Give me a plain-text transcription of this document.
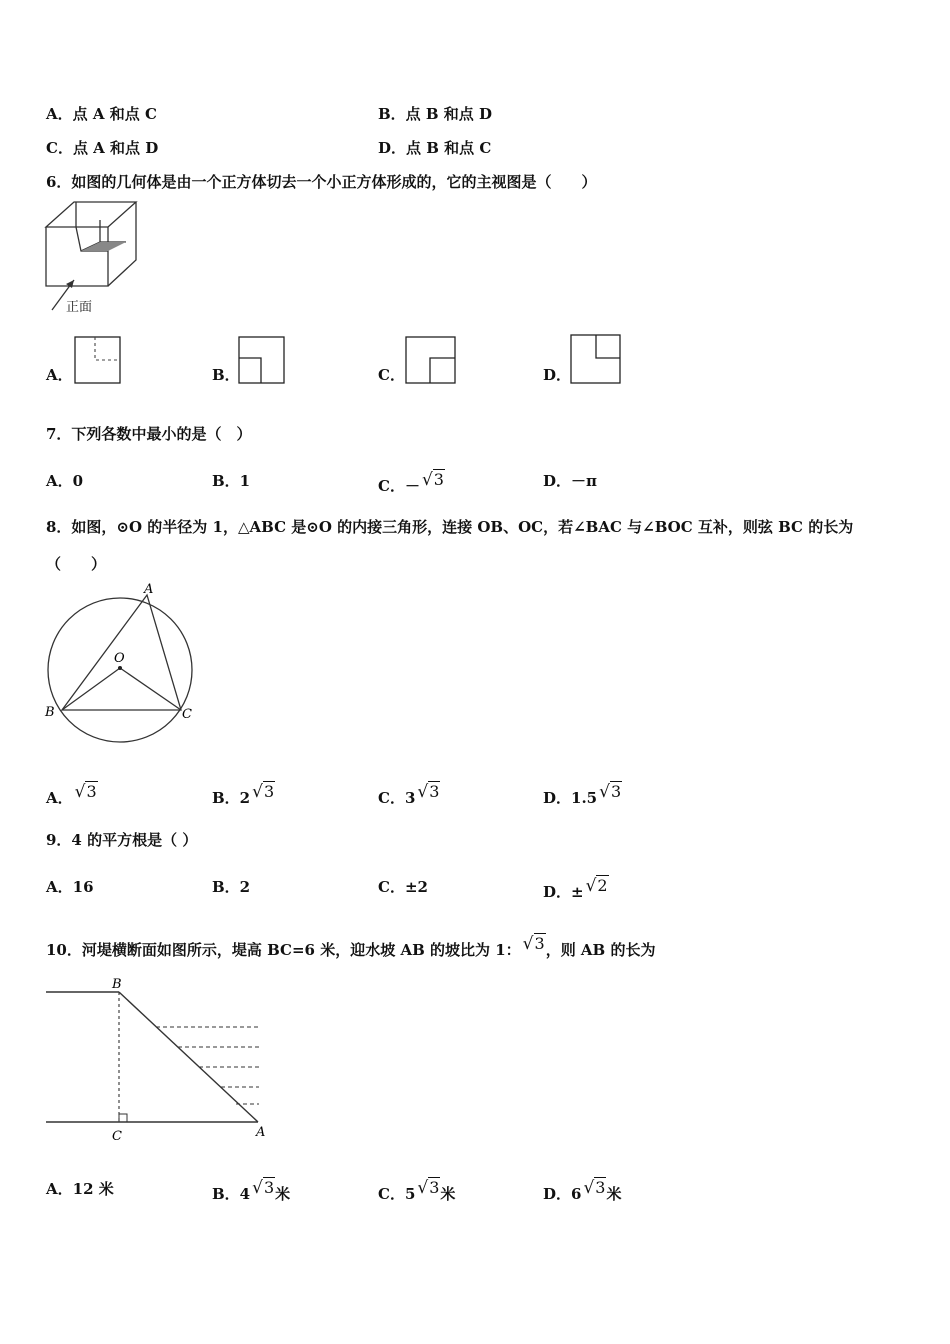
A．点 A 和点 C	B．点 B 和点 D
C．点 A 和点 D	D．点 B 和点 C
6．如图的几何体是由一个正方体切去一个小正方体形成的，它的主视图是（　　）
正面
A．	B．	C．	D．
7．下列各数中最小的是（　）
A．0	B．1	C．－ √3	D．－π
8．如图，⊙O 的半径为 1，△ABC 是⊙O 的内接三角形，连接 OB、OC，若∠BAC 与∠BOC 互补，则弦 BC 的长为
（　　）
A
B	C
O
A． √3	B．2 √3	C．3 √3	D．1.5 √3
9．4 的平方根是（ ）
A．16	B．2	C．±2	D．± √2
10．河堤横断面如图所示，堤高 BC=6 米，迎水坡 AB 的坡比为 1： √3，则 AB 的长为
B
C	A
A．12 米	B．4 √3米	C．5 √3米	D．6 √3米
